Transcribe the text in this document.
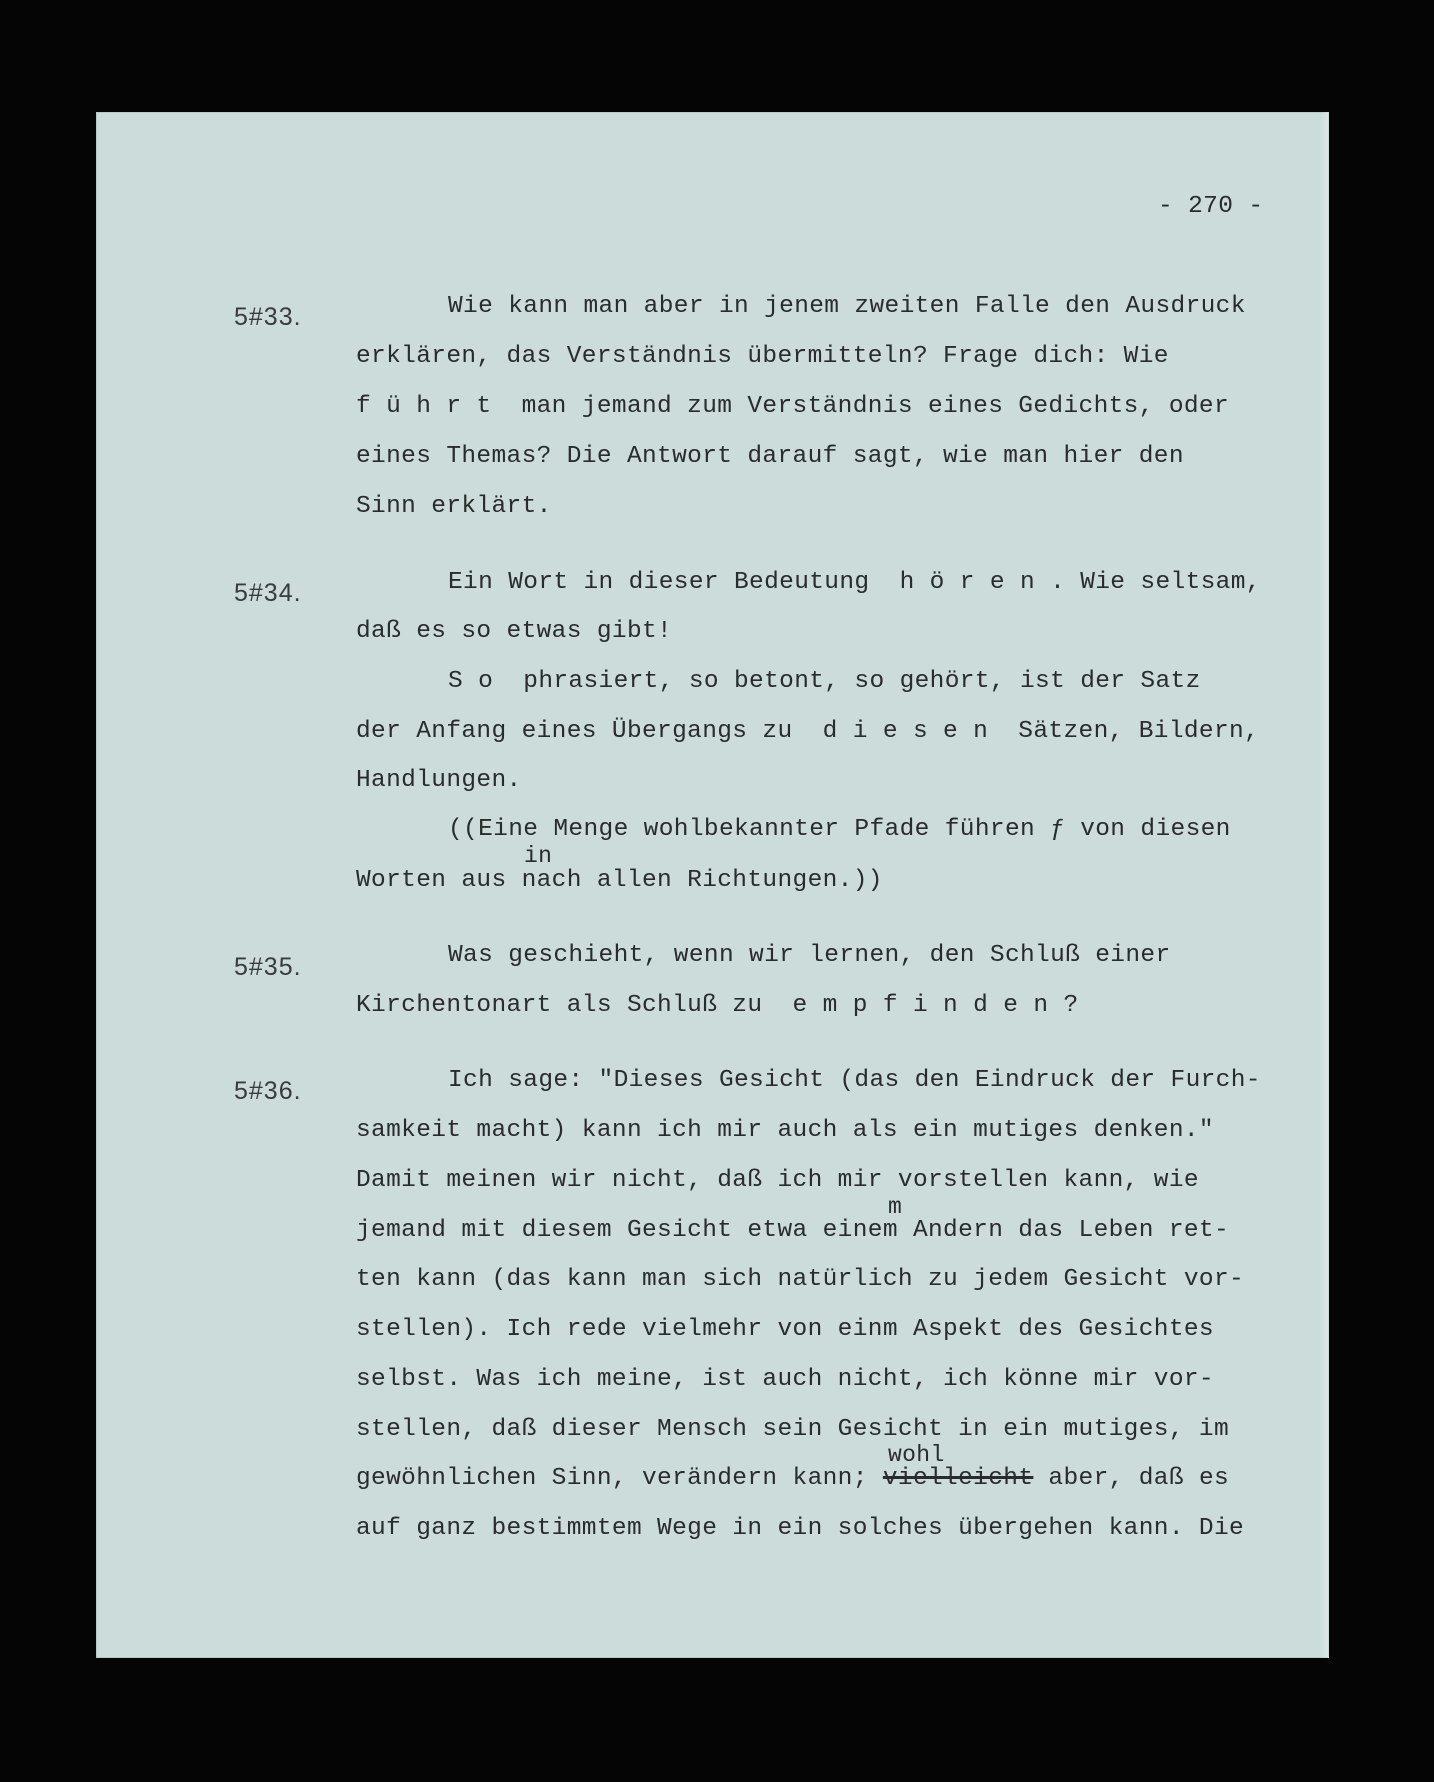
- 270 -
5#33.	Wie kann man aber in jenem zweiten Falle den Ausdruck
erklären, das Verständnis übermitteln? Frage dich: Wie
f ü h r t  man jemand zum Verständnis eines Gedichts, oder
eines Themas? Die Antwort darauf sagt, wie man hier den
Sinn erklärt.
5#34.	Ein Wort in dieser Bedeutung  h ö r e n . Wie seltsam,
daß es so etwas gibt!
S o  phrasiert, so betont, so gehört, ist der Satz
der Anfang eines Übergangs zu  d i e s e n  Sätzen, Bildern,
Handlungen.
((Eine Menge wohlbekannter Pfade führen ƒ von diesen
in
Worten aus nach allen Richtungen.))
5#35.	Was geschieht, wenn wir lernen, den Schluß einer
Kirchentonart als Schluß zu  e m p f i n d e n ?
5#36.	Ich sage: "Dieses Gesicht (das den Eindruck der Furch-
samkeit macht) kann ich mir auch als ein mutiges denken."
Damit meinen wir nicht, daß ich mir vorstellen kann, wie
m
jemand mit diesem Gesicht etwa einem Andern das Leben ret-
ten kann (das kann man sich natürlich zu jedem Gesicht vor-
stellen). Ich rede vielmehr von einm Aspekt des Gesichtes
selbst. Was ich meine, ist auch nicht, ich könne mir vor-
stellen, daß dieser Mensch sein Gesicht in ein mutiges, im
wohl
gewöhnlichen Sinn, verändern kann; vielleicht aber, daß es
auf ganz bestimmtem Wege in ein solches übergehen kann. Die
